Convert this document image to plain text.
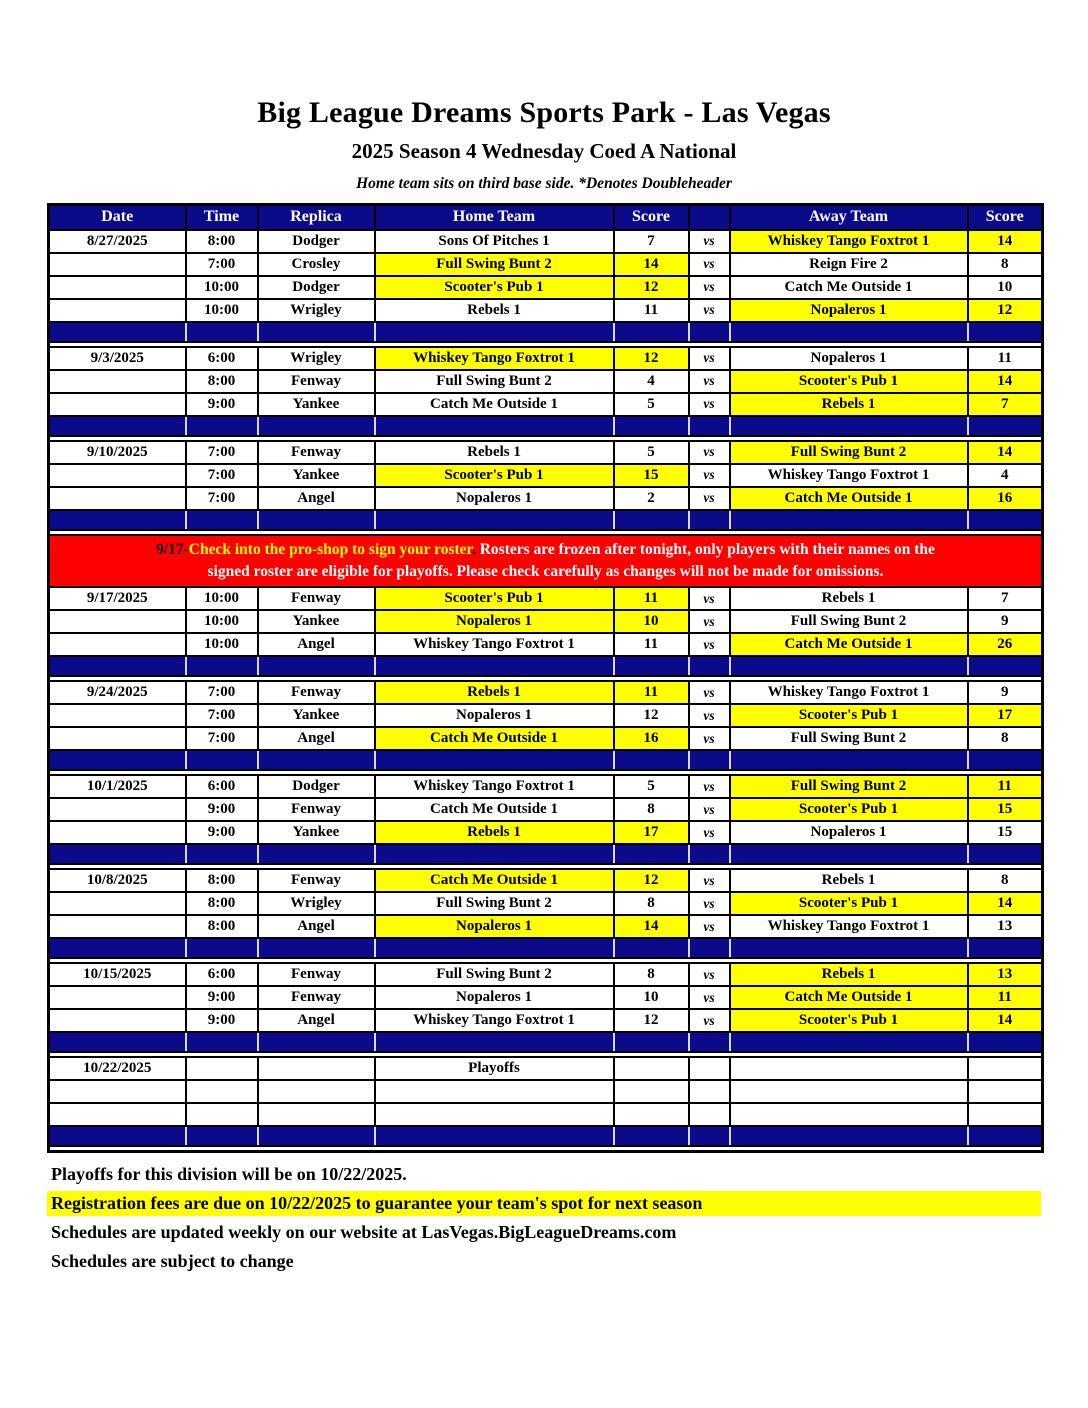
Big League Dreams Sports Park - Las Vegas
2025 Season 4 Wednesday Coed A National
Home team sits on third base side. *Denotes Doubleheader
Date	Time	Replica	Home Team	Score		Away Team	Score
8/27/2025	8:00	Dodger	Sons Of Pitches 1	7	vs	Whiskey Tango Foxtrot 1	14
	7:00	Crosley	Full Swing Bunt 2	14	vs	Reign Fire 2	8
	10:00	Dodger	Scooter's Pub 1	12	vs	Catch Me Outside 1	10
	10:00	Wrigley	Rebels 1	11	vs	Nopaleros 1	12

9/3/2025	6:00	Wrigley	Whiskey Tango Foxtrot 1	12	vs	Nopaleros 1	11
	8:00	Fenway	Full Swing Bunt 2	4	vs	Scooter's Pub 1	14
	9:00	Yankee	Catch Me Outside 1	5	vs	Rebels 1	7

9/10/2025	7:00	Fenway	Rebels 1	5	vs	Full Swing Bunt 2	14
	7:00	Yankee	Scooter's Pub 1	15	vs	Whiskey Tango Foxtrot 1	4
	7:00	Angel	Nopaleros 1	2	vs	Catch Me Outside 1	16

9/17-Check into the pro-shop to sign your roster. Rosters are frozen after tonight, only players with their names on the
signed roster are eligible for playoffs. Please check carefully as changes will not be made for omissions.							

9/17/2025	10:00	Fenway	Scooter's Pub 1	11	vs	Rebels 1	7
	10:00	Yankee	Nopaleros 1	10	vs	Full Swing Bunt 2	9
	10:00	Angel	Whiskey Tango Foxtrot 1	11	vs	Catch Me Outside 1	26

9/24/2025	7:00	Fenway	Rebels 1	11	vs	Whiskey Tango Foxtrot 1	9
	7:00	Yankee	Nopaleros 1	12	vs	Scooter's Pub 1	17
	7:00	Angel	Catch Me Outside 1	16	vs	Full Swing Bunt 2	8

10/1/2025	6:00	Dodger	Whiskey Tango Foxtrot 1	5	vs	Full Swing Bunt 2	11
	9:00	Fenway	Catch Me Outside 1	8	vs	Scooter's Pub 1	15
	9:00	Yankee	Rebels 1	17	vs	Nopaleros 1	15

10/8/2025	8:00	Fenway	Catch Me Outside 1	12	vs	Rebels 1	8
	8:00	Wrigley	Full Swing Bunt 2	8	vs	Scooter's Pub 1	14
	8:00	Angel	Nopaleros 1	14	vs	Whiskey Tango Foxtrot 1	13

10/15/2025	6:00	Fenway	Full Swing Bunt 2	8	vs	Rebels 1	13
	9:00	Fenway	Nopaleros 1	10	vs	Catch Me Outside 1	11
	9:00	Angel	Whiskey Tango Foxtrot 1	12	vs	Scooter's Pub 1	14

10/22/2025			Playoffs				

Playoffs for this division will be on 10/22/2025.
Registration fees are due on 10/22/2025 to guarantee your team's spot for next season
Schedules are updated weekly on our website at LasVegas.BigLeagueDreams.com
Schedules are subject to change
